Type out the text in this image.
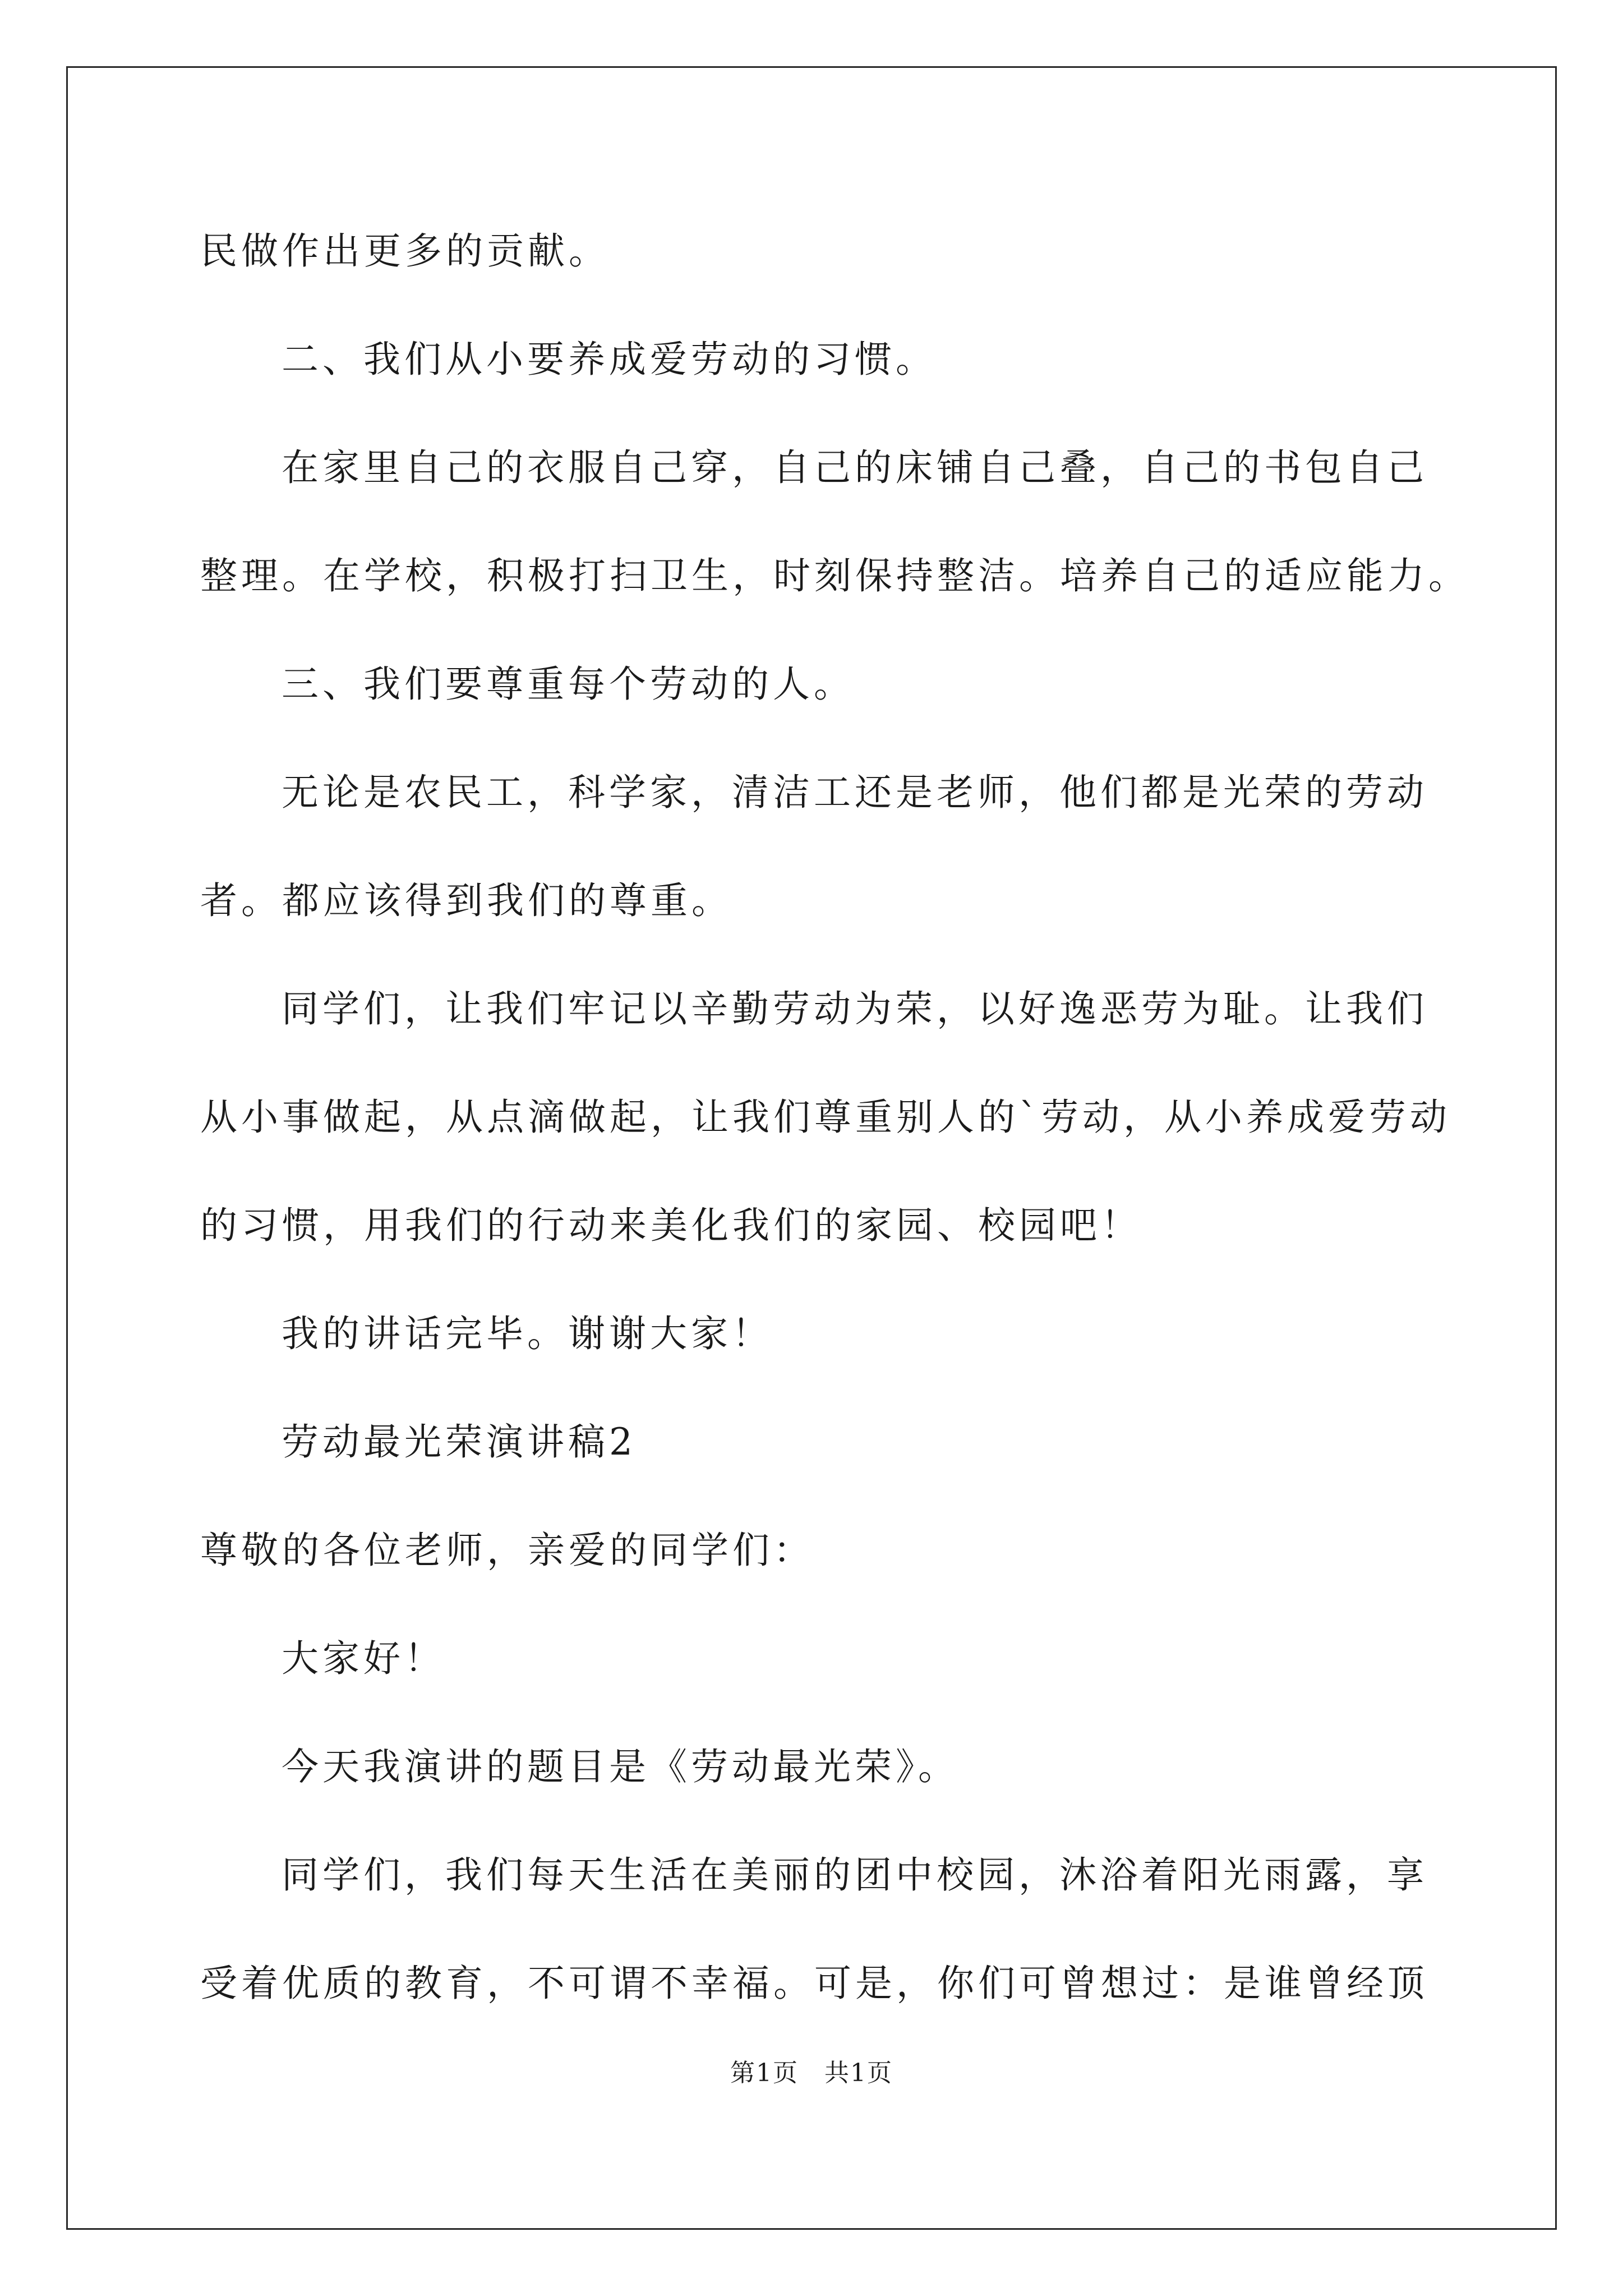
民做作出更多的贡献。
二、我们从小要养成爱劳动的习惯。
在家里自己的衣服自己穿，自己的床铺自己叠，自己的书包自己
整理。在学校，积极打扫卫生，时刻保持整洁。培养自己的适应能力。
三、我们要尊重每个劳动的人。
无论是农民工，科学家，清洁工还是老师，他们都是光荣的劳动
者。都应该得到我们的尊重。
同学们，让我们牢记以辛勤劳动为荣，以好逸恶劳为耻。让我们
从小事做起，从点滴做起，让我们尊重别人的`劳动，从小养成爱劳动
的习惯，用我们的行动来美化我们的家园、校园吧！
我的讲话完毕。谢谢大家！
劳动最光荣演讲稿2
尊敬的各位老师，亲爱的同学们：
大家好！
今天我演讲的题目是《劳动最光荣》。
同学们，我们每天生活在美丽的团中校园，沐浴着阳光雨露，享
受着优质的教育，不可谓不幸福。可是，你们可曾想过：是谁曾经顶
第1页　共1页
